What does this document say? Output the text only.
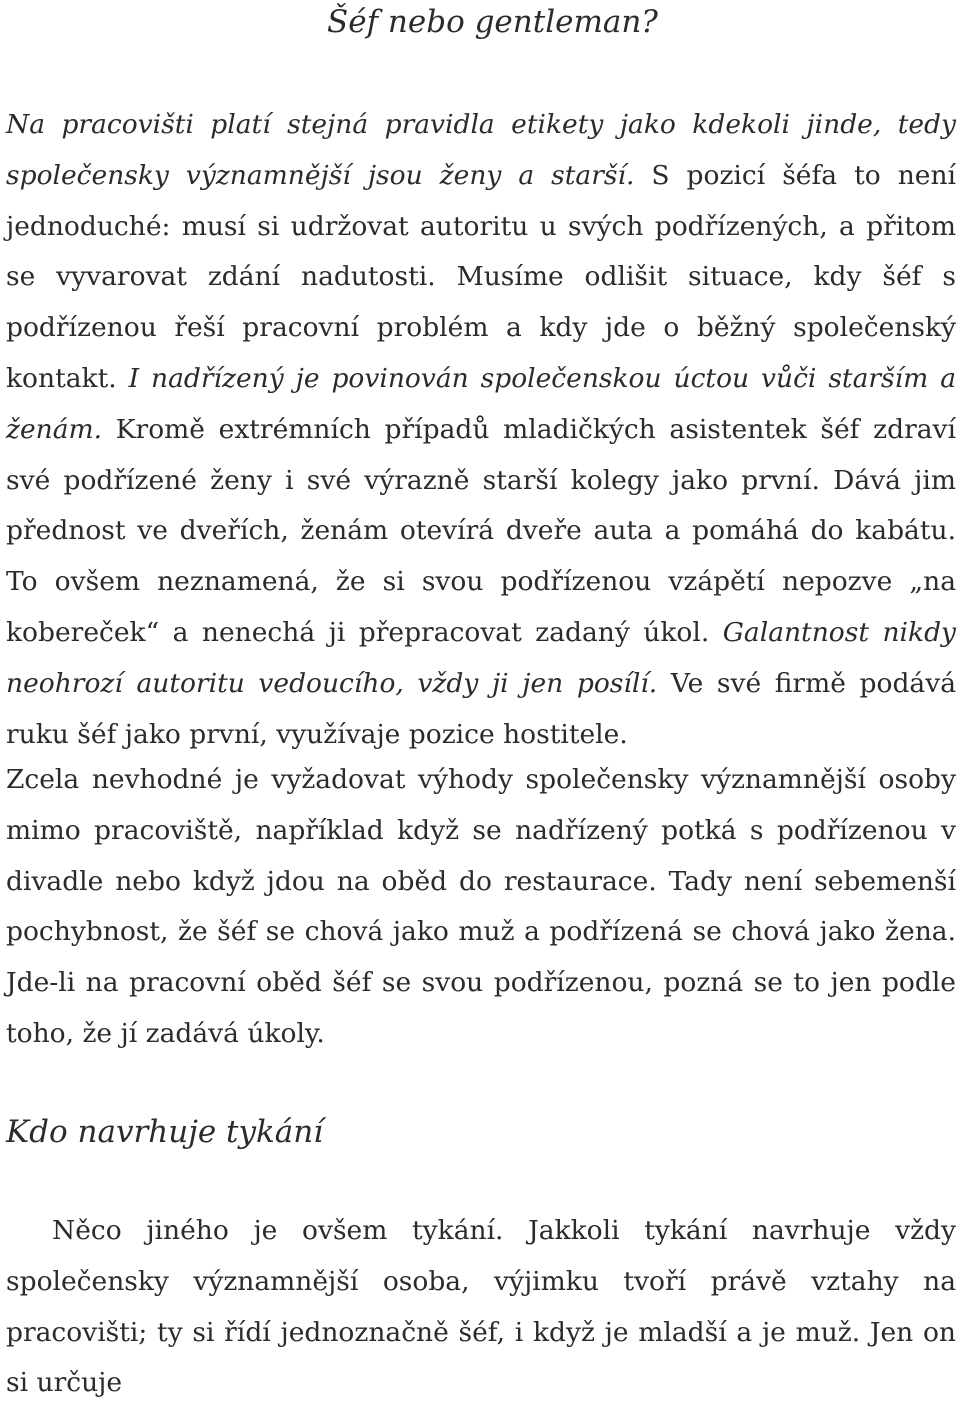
Šéf nebo gentleman?

Na pracovišti platí stejná pravidla etikety jako kdekoli jinde, tedy společensky významnější jsou ženy a starší. S pozicí šéfa to není jednoduché: musí si udržovat autoritu u svých podřízených, a přitom se vyvarovat zdání nadutosti. Musíme odlišit situace, kdy šéf s podřízenou řeší pracovní problém a kdy jde o běžný společenský kontakt. I nadřízený je povinován společenskou úctou vůči starším a ženám. Kromě extrémních případů mladičkých asistentek šéf zdraví své podřízené ženy i své výrazně starší kolegy jako první. Dává jim přednost ve dveřích, ženám otevírá dveře auta a pomáhá do kabátu. To ovšem neznamená, že si svou podřízenou vzápětí nepozve „na kobereček“ a nenechá ji přepracovat zadaný úkol. Galantnost nikdy neohrozí autoritu vedoucího, vždy ji jen posílí. Ve své firmě podává ruku šéf jako první, využívaje pozice hostitele.

Zcela nevhodné je vyžadovat výhody společensky významnější osoby mimo pracoviště, například když se nadřízený potká s podřízenou v divadle nebo když jdou na oběd do restaurace. Tady není sebemenší pochybnost, že šéf se chová jako muž a podřízená se chová jako žena. Jde-li na pracovní oběd šéf se svou podřízenou, pozná se to jen podle toho, že jí zadává úkoly.

Kdo navrhuje tykání

Něco jiného je ovšem tykání. Jakkoli tykání navrhuje vždy společensky významnější osoba, výjimku tvoří právě vztahy na pracovišti; ty si řídí jednoznačně šéf, i když je mladší a je muž. Jen on si určuje
